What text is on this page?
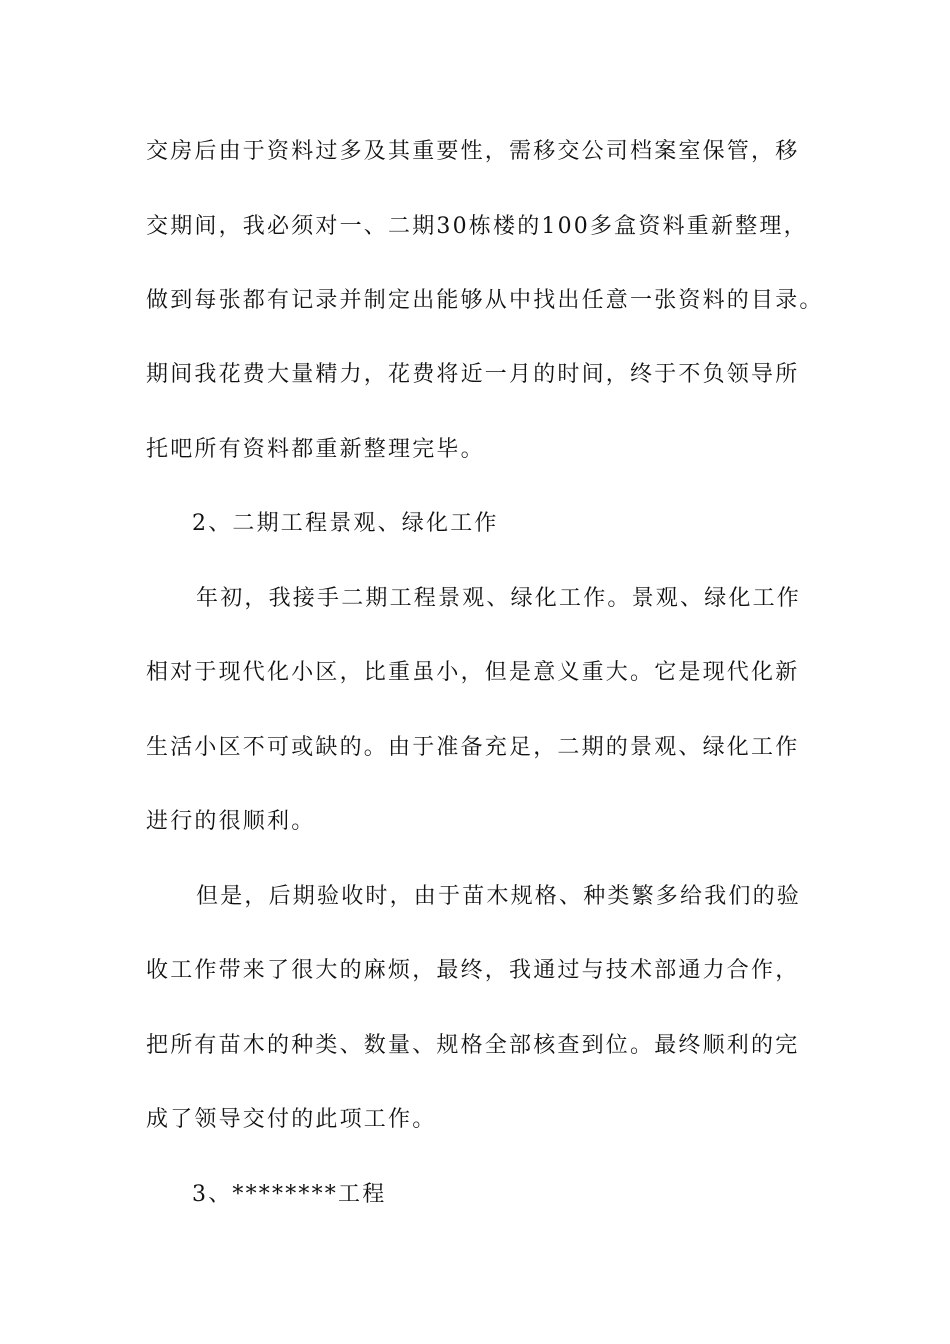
交房后由于资料过多及其重要性，需移交公司档案室保管，移
交期间，我必须对一、二期30栋楼的100多盒资料重新整理，
做到每张都有记录并制定出能够从中找出任意一张资料的目录。
期间我花费大量精力，花费将近一月的时间，终于不负领导所
托吧所有资料都重新整理完毕。
2、二期工程景观、绿化工作
年初，我接手二期工程景观、绿化工作。景观、绿化工作
相对于现代化小区，比重虽小，但是意义重大。它是现代化新
生活小区不可或缺的。由于准备充足，二期的景观、绿化工作
进行的很顺利。
但是，后期验收时，由于苗木规格、种类繁多给我们的验
收工作带来了很大的麻烦，最终，我通过与技术部通力合作，
把所有苗木的种类、数量、规格全部核查到位。最终顺利的完
成了领导交付的此项工作。
3、********工程
